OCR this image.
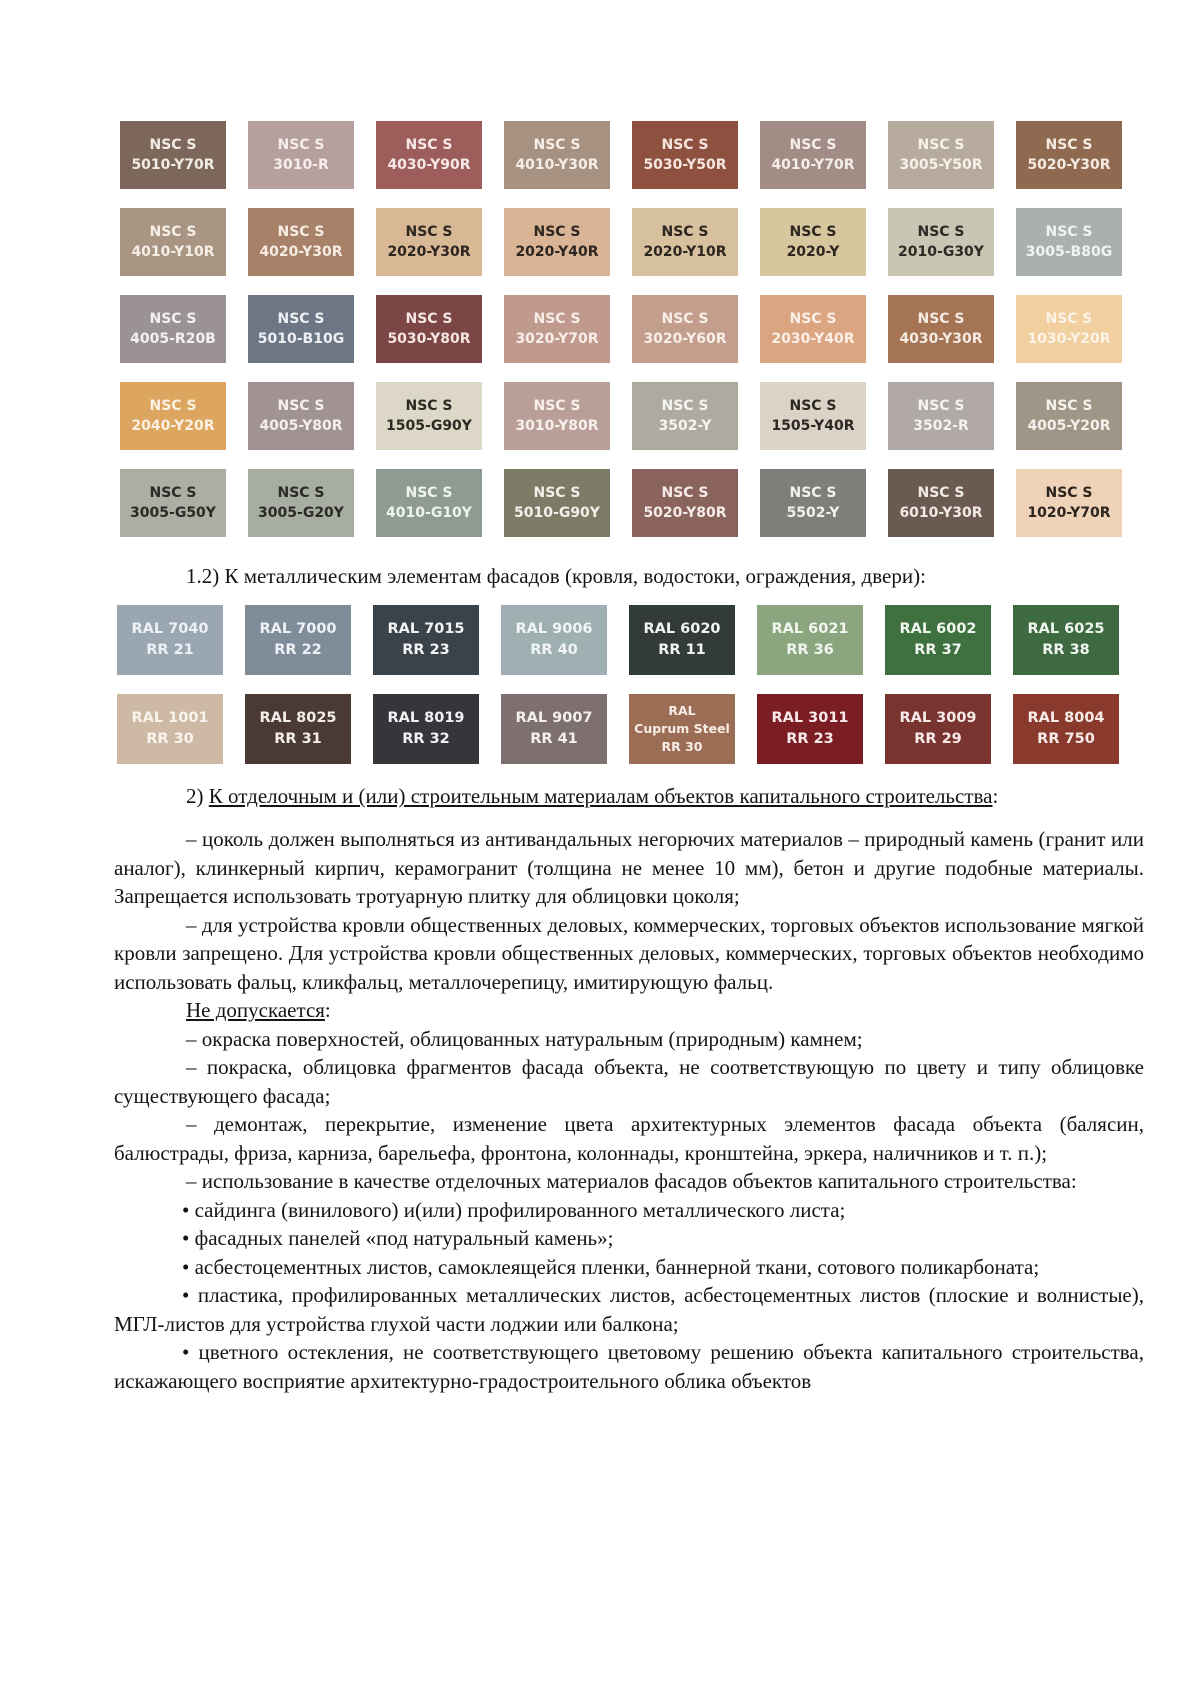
NSC S
5010-Y70R
NSC S
3010-R
NSC S
4030-Y90R
NSC S
4010-Y30R
NSC S
5030-Y50R
NSC S
4010-Y70R
NSC S
3005-Y50R
NSC S
5020-Y30R
NSC S
4010-Y10R
NSC S
4020-Y30R
NSC S
2020-Y30R
NSC S
2020-Y40R
NSC S
2020-Y10R
NSC S
2020-Y
NSC S
2010-G30Y
NSC S
3005-B80G
NSC S
4005-R20B
NSC S
5010-B10G
NSC S
5030-Y80R
NSC S
3020-Y70R
NSC S
3020-Y60R
NSC S
2030-Y40R
NSC S
4030-Y30R
NSC S
1030-Y20R
NSC S
2040-Y20R
NSC S
4005-Y80R
NSC S
1505-G90Y
NSC S
3010-Y80R
NSC S
3502-Y
NSC S
1505-Y40R
NSC S
3502-R
NSC S
4005-Y20R
NSC S
3005-G50Y
NSC S
3005-G20Y
NSC S
4010-G10Y
NSC S
5010-G90Y
NSC S
5020-Y80R
NSC S
5502-Y
NSC S
6010-Y30R
NSC S
1020-Y70R
1.2) К металлическим элементам фасадов (кровля, водостоки, ограждения, двери):
RAL 7040
RR 21
RAL 7000
RR 22
RAL 7015
RR 23
RAL 9006
RR 40
RAL 6020
RR 11
RAL 6021
RR 36
RAL 6002
RR 37
RAL 6025
RR 38
RAL 1001
RR 30
RAL 8025
RR 31
RAL 8019
RR 32
RAL 9007
RR 41
RAL
Cuprum Steel
RR 30
RAL 3011
RR 23
RAL 3009
RR 29
RAL 8004
RR 750
2) К отделочным и (или) строительным материалам объектов капитального строительства:

– цоколь должен выполняться из антивандальных негорючих материалов – природный камень (гранит или аналог), клинкерный кирпич, керамогранит (толщина не менее 10 мм), бетон и другие подобные материалы. Запрещается использовать тротуарную плитку для облицовки цоколя;

– для устройства кровли общественных деловых, коммерческих, торговых объектов использование мягкой кровли запрещено. Для устройства кровли общественных деловых, коммерческих, торговых объектов необходимо использовать фальц, кликфальц, металлочерепицу, имитирующую фальц.

Не допускается:

– окраска поверхностей, облицованных натуральным (природным) камнем;

– покраска, облицовка фрагментов фасада объекта, не соответствующую по цвету и типу облицовке существующего фасада;

– демонтаж, перекрытие, изменение цвета архитектурных элементов фасада объекта (балясин, балюстрады, фриза, карниза, барельефа, фронтона, колоннады, кронштейна, эркера, наличников и т. п.);

– использование в качестве отделочных материалов фасадов объектов капитального строительства:

• сайдинга (винилового) и(или) профилированного металлического листа;

• фасадных панелей «под натуральный камень»;

• асбестоцементных листов, самоклеящейся пленки, баннерной ткани, сотового поликарбоната;

• пластика, профилированных металлических листов, асбестоцементных листов (плоские и волнистые), МГЛ-листов для устройства глухой части лоджии или балкона;

• цветного остекления, не соответствующего цветовому решению объекта капитального строительства, искажающего восприятие архитектурно-градостроительного облика объектов
